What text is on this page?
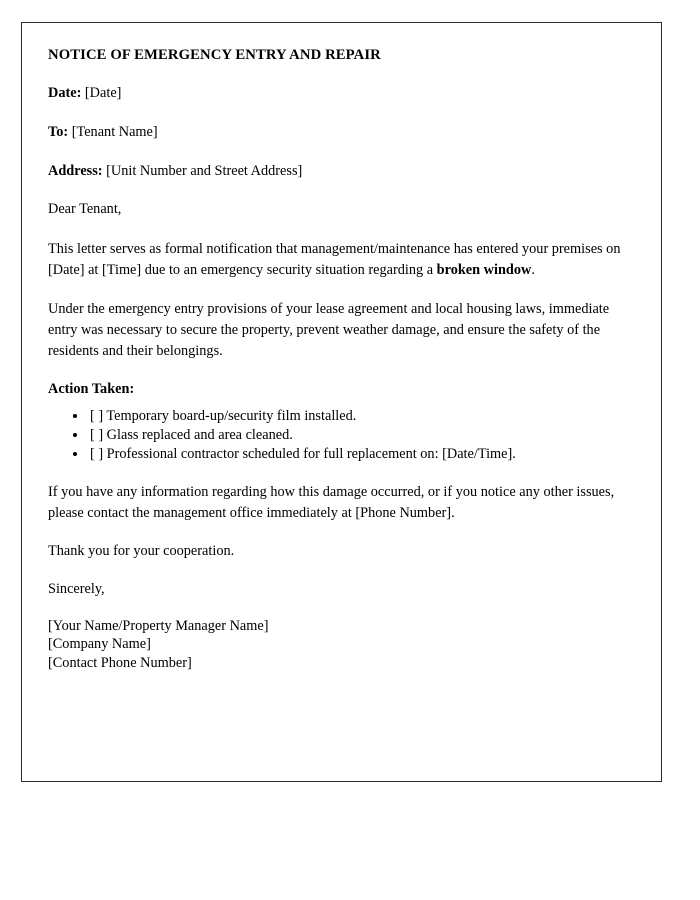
NOTICE OF EMERGENCY ENTRY AND REPAIR

Date: [Date]

To: [Tenant Name]

Address: [Unit Number and Street Address]

Dear Tenant,

This letter serves as formal notification that management/maintenance has entered your premises on [Date] at [Time] due to an emergency security situation regarding a broken window.

Under the emergency entry provisions of your lease agreement and local housing laws, immediate entry was necessary to secure the property, prevent weather damage, and ensure the safety of the residents and their belongings.

Action Taken:

• [ ] Temporary board-up/security film installed.
• [ ] Glass replaced and area cleaned.
• [ ] Professional contractor scheduled for full replacement on: [Date/Time].

If you have any information regarding how this damage occurred, or if you notice any other issues, please contact the management office immediately at [Phone Number].

Thank you for your cooperation.

Sincerely,

[Your Name/Property Manager Name]
[Company Name]
[Contact Phone Number]
